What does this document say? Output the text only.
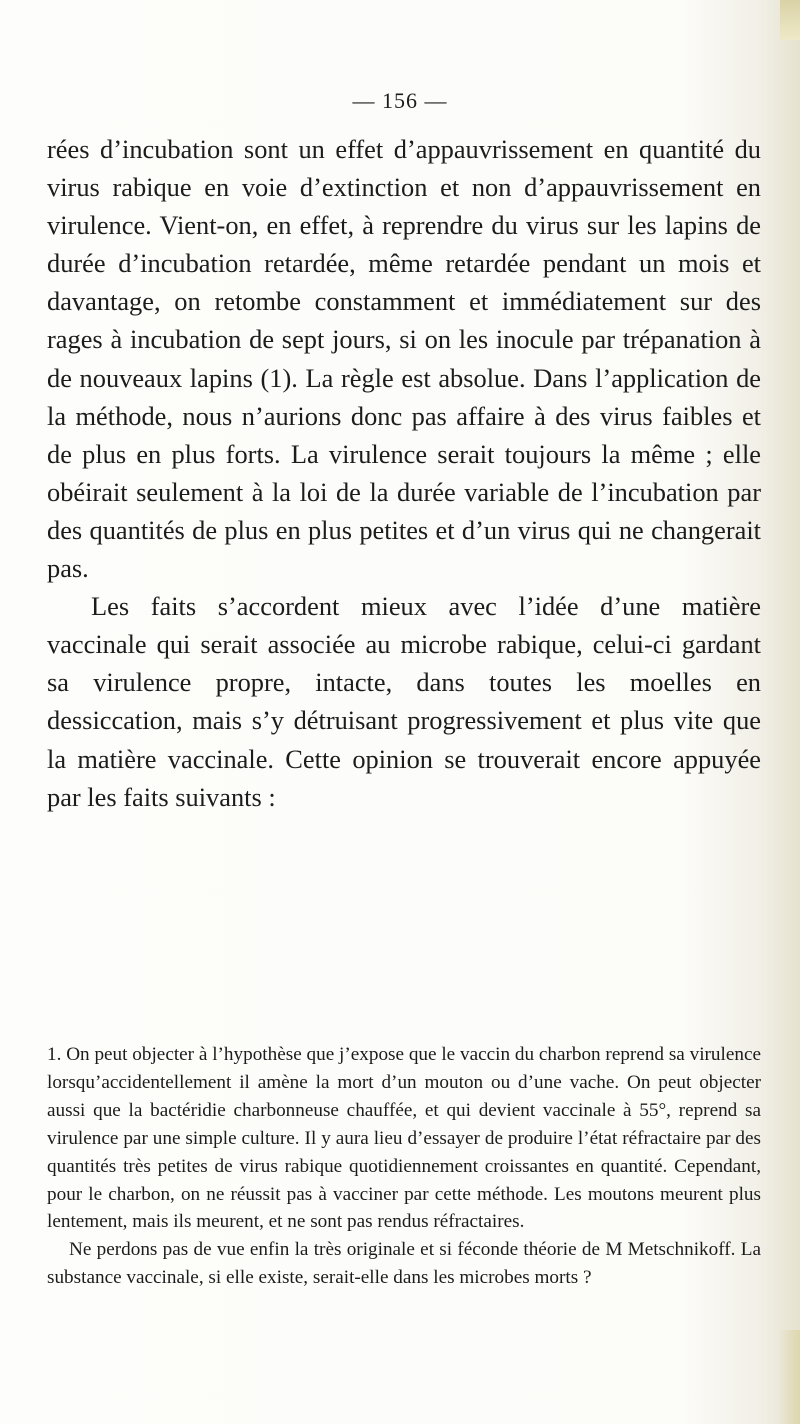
— 156 —

rées d’incubation sont un effet d’appauvrissement en quantité du virus rabique en voie d’extinction et non d’appauvrissement en virulence. Vient-on, en effet, à reprendre du virus sur les lapins de durée d’incubation retardée, même retardée pendant un mois et davantage, on retombe constamment et immédiatement sur des rages à incubation de sept jours, si on les inocule par trépanation à de nouveaux lapins (1). La règle est absolue. Dans l’application de la méthode, nous n’aurions donc pas affaire à des virus faibles et de plus en plus forts. La virulence serait toujours la même ; elle obéirait seulement à la loi de la durée variable de l’incubation par des quantités de plus en plus petites et d’un virus qui ne changerait pas.

Les faits s’accordent mieux avec l’idée d’une matière vaccinale qui serait associée au microbe rabique, celui-ci gardant sa virulence propre, intacte, dans toutes les moelles en dessiccation, mais s’y détruisant progressivement et plus vite que la matière vaccinale. Cette opinion se trouverait encore appuyée par les faits suivants :

1. On peut objecter à l’hypothèse que j’expose que le vaccin du charbon reprend sa virulence lorsqu’accidentellement il amène la mort d’un mouton ou d’une vache. On peut objecter aussi que la bactéridie charbonneuse chauffée, et qui devient vaccinale à 55°, reprend sa virulence par une simple culture. Il y aura lieu d’essayer de produire l’état réfractaire par des quantités très petites de virus rabique quotidiennement croissantes en quantité. Cependant, pour le charbon, on ne réussit pas à vacciner par cette méthode. Les moutons meurent plus lentement, mais ils meurent, et ne sont pas rendus réfractaires.

Ne perdons pas de vue enfin la très originale et si féconde théorie de M Metschnikoff. La substance vaccinale, si elle existe, serait-elle dans les microbes morts ?
